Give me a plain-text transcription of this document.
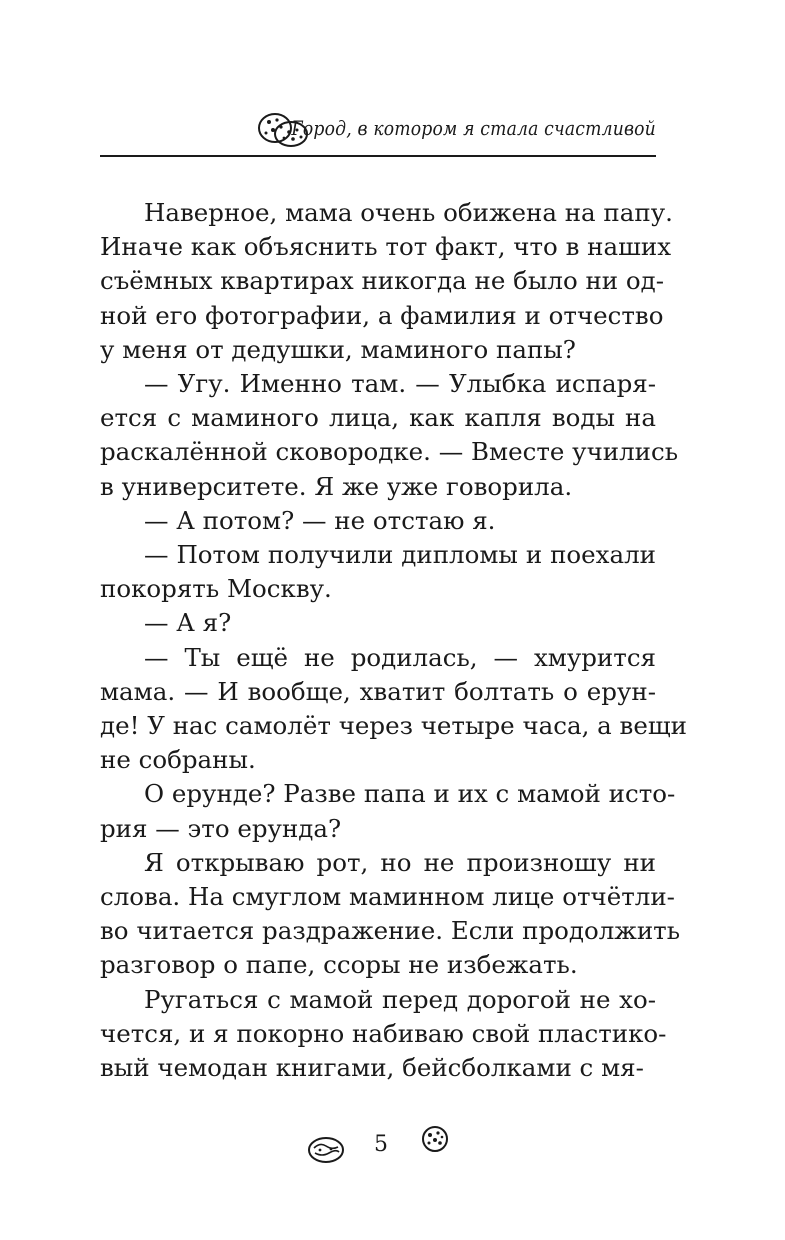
Город, в котором я стала счастливой
Наверное, мама очень обижена на папу.
Иначе как объяснить тот факт, что в наших
съёмных квартирах никогда не было ни од-
ной его фотографии, а фамилия и отчество
у меня от дедушки, маминого папы?
— Угу. Именно там. — Улыбка испаря-
ется с маминого лица, как капля воды на
раскалённой сковородке. — Вместе учились
в университете. Я же уже говорила.
— А потом? — не отстаю я.
— Потом получили дипломы и поехали
покорять Москву.
— А я?
— Ты ещё не родилась, — хмурится
мама. — И вообще, хватит болтать о ерун-
де! У нас самолёт через четыре часа, а вещи
не собраны.
О ерунде? Разве папа и их с мамой исто-
рия — это ерунда?
Я открываю рот, но не произношу ни
слова. На смуглом маминном лице отчётли-
во читается раздражение. Если продолжить
разговор о папе, ссоры не избежать.
Ругаться с мамой перед дорогой не хо-
чется, и я покорно набиваю свой пластико-
вый чемодан книгами, бейсболками с мя-
5
